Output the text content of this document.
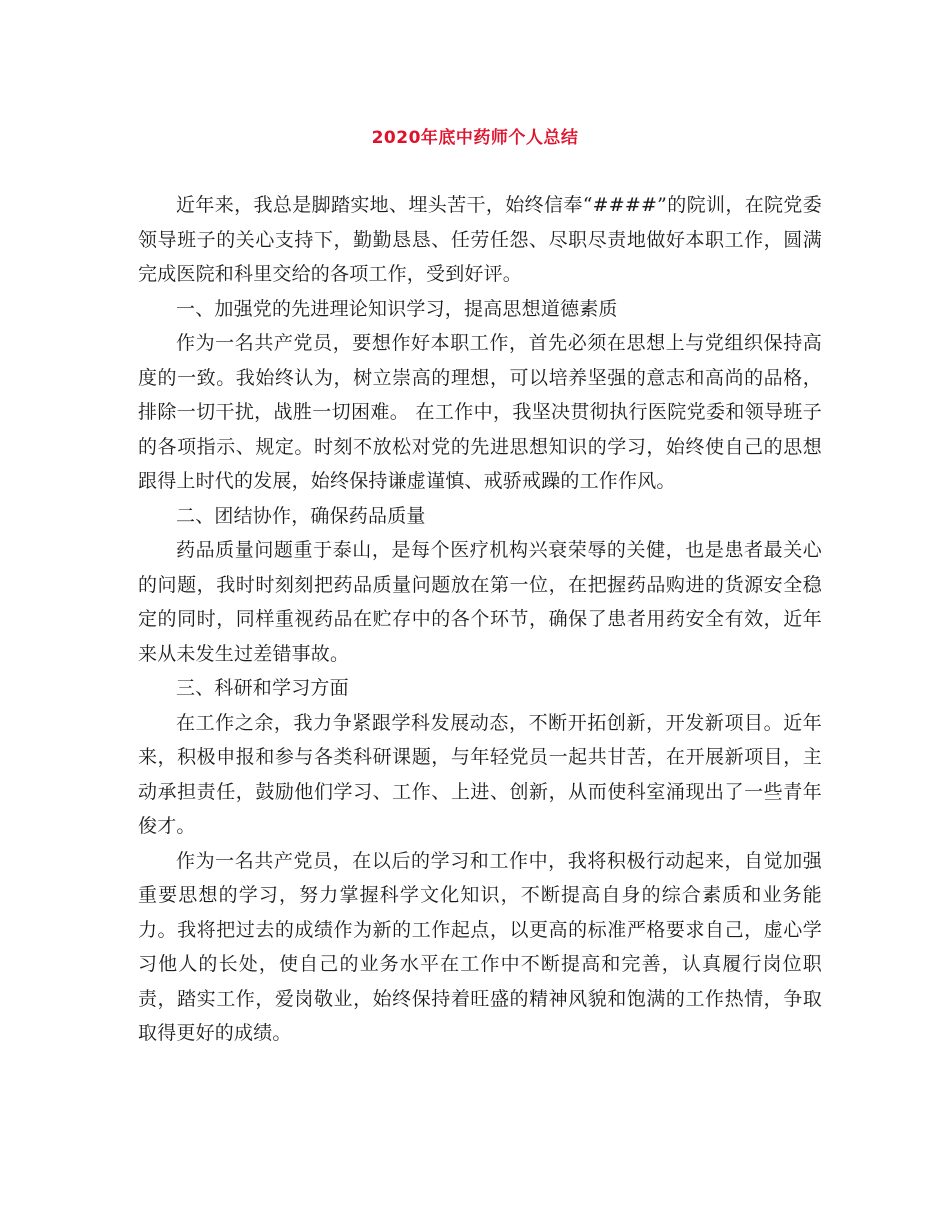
2020年底中药师个人总结

近年来，我总是脚踏实地、埋头苦干，始终信奉“####”的院训，在院党委领导班子的关心支持下，勤勤恳恳、任劳任怨、尽职尽责地做好本职工作，圆满完成医院和科里交给的各项工作，受到好评。

一、加强党的先进理论知识学习，提高思想道德素质

作为一名共产党员，要想作好本职工作，首先必须在思想上与党组织保持高度的一致。我始终认为，树立崇高的理想，可以培养坚强的意志和高尚的品格，排除一切干扰，战胜一切困难。 在工作中，我坚决贯彻执行医院党委和领导班子的各项指示、规定。时刻不放松对党的先进思想知识的学习，始终使自己的思想跟得上时代的发展，始终保持谦虚谨慎、戒骄戒躁的工作作风。

二、团结协作，确保药品质量

药品质量问题重于泰山，是每个医疗机构兴衰荣辱的关健，也是患者最关心的问题，我时时刻刻把药品质量问题放在第一位，在把握药品购进的货源安全稳定的同时，同样重视药品在贮存中的各个环节，确保了患者用药安全有效，近年来从未发生过差错事故。

三、科研和学习方面

在工作之余，我力争紧跟学科发展动态，不断开拓创新，开发新项目。近年来，积极申报和参与各类科研课题，与年轻党员一起共甘苦，在开展新项目，主动承担责任，鼓励他们学习、工作、上进、创新，从而使科室涌现出了一些青年俊才。

作为一名共产党员，在以后的学习和工作中，我将积极行动起来，自觉加强重要思想的学习，努力掌握科学文化知识，不断提高自身的综合素质和业务能力。我将把过去的成绩作为新的工作起点，以更高的标准严格要求自己，虚心学习他人的长处，使自己的业务水平在工作中不断提高和完善，认真履行岗位职责，踏实工作，爱岗敬业，始终保持着旺盛的精神风貌和饱满的工作热情，争取取得更好的成绩。
